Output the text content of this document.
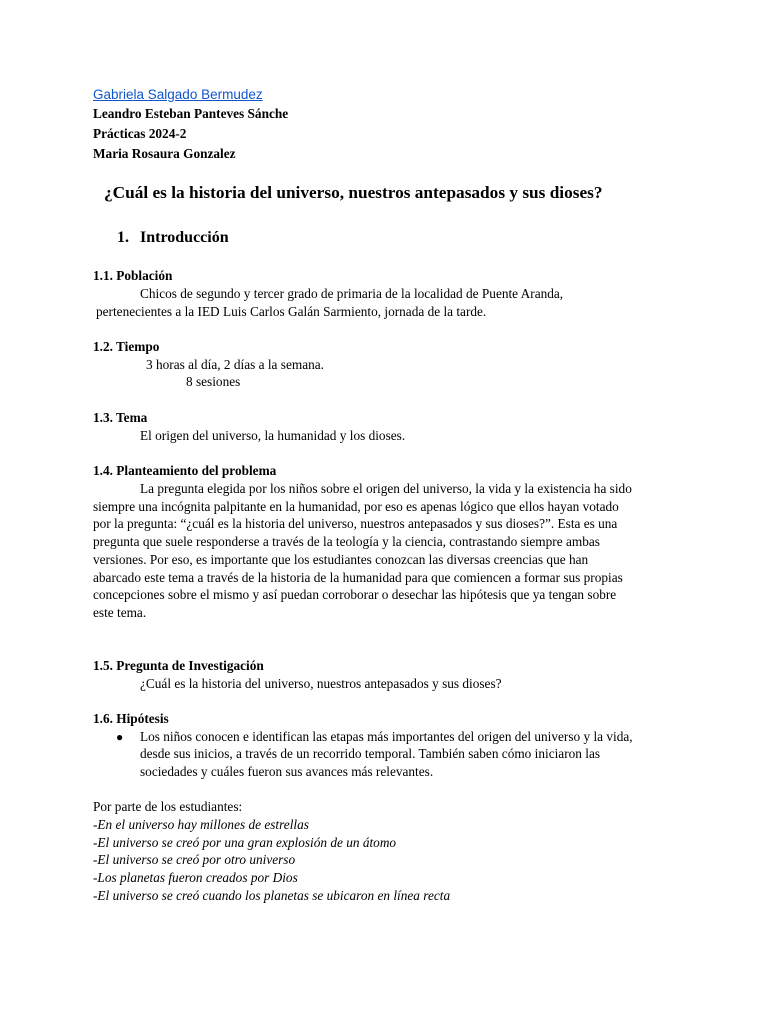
Gabriela Salgado Bermudez
Leandro Esteban Panteves Sánche
Prácticas 2024-2
Maria Rosaura Gonzalez
¿Cuál es la historia del universo, nuestros antepasados y sus dioses?
1. Introducción
1.1. Población
Chicos de segundo y tercer grado de primaria de la localidad de Puente Aranda,
pertenecientes a la IED Luis Carlos Galán Sarmiento, jornada de la tarde.
1.2. Tiempo
3 horas al día, 2 días a la semana.
8 sesiones
1.3. Tema
El origen del universo, la humanidad y los dioses.
1.4. Planteamiento del problema
La pregunta elegida por los niños sobre el origen del universo, la vida y la existencia ha sido
siempre una incógnita palpitante en la humanidad, por eso es apenas lógico que ellos hayan votado
por la pregunta: “¿cuál es la historia del universo, nuestros antepasados y sus dioses?”. Esta es una
pregunta que suele responderse a través de la teología y la ciencia, contrastando siempre ambas
versiones. Por eso, es importante que los estudiantes conozcan las diversas creencias que han
abarcado este tema a través de la historia de la humanidad para que comiencen a formar sus propias
concepciones sobre el mismo y así puedan corroborar o desechar las hipótesis que ya tengan sobre
este tema.
1.5. Pregunta de Investigación
¿Cuál es la historia del universo, nuestros antepasados y sus dioses?
1.6. Hipótesis
● Los niños conocen e identifican las etapas más importantes del origen del universo y la vida,
desde sus inicios, a través de un recorrido temporal. También saben cómo iniciaron las
sociedades y cuáles fueron sus avances más relevantes.
Por parte de los estudiantes:
-En el universo hay millones de estrellas
-El universo se creó por una gran explosión de un átomo
-El universo se creó por otro universo
-Los planetas fueron creados por Dios
-El universo se creó cuando los planetas se ubicaron en línea recta
